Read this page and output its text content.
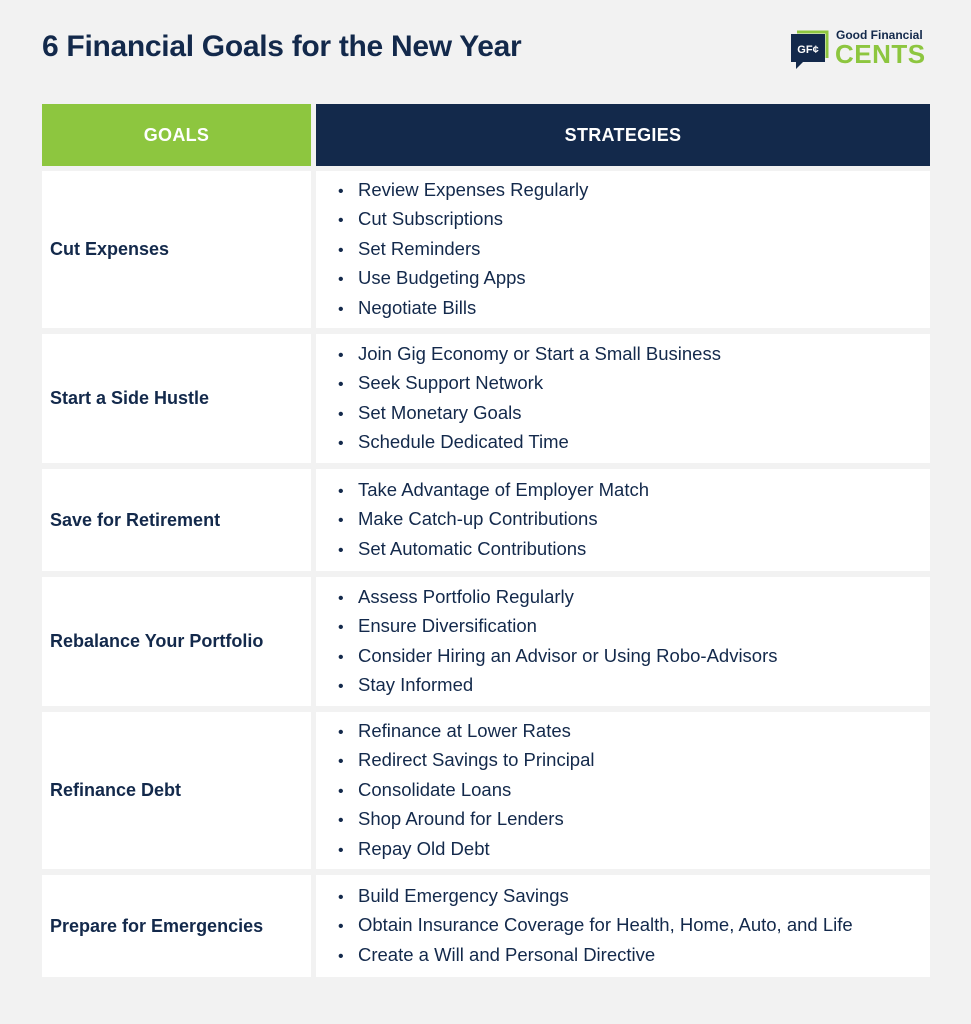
6 Financial Goals for the New Year	GF¢
Good Financial
CENTS
GOALS	STRATEGIES
Cut Expenses
• Review Expenses Regularly
• Cut Subscriptions
• Set Reminders
• Use Budgeting Apps
• Negotiate Bills
Start a Side Hustle
• Join Gig Economy or Start a Small Business
• Seek Support Network
• Set Monetary Goals
• Schedule Dedicated Time
Save for Retirement
• Take Advantage of Employer Match
• Make Catch-up Contributions
• Set Automatic Contributions
Rebalance Your Portfolio
• Assess Portfolio Regularly
• Ensure Diversification
• Consider Hiring an Advisor or Using Robo-Advisors
• Stay Informed
Refinance Debt
• Refinance at Lower Rates
• Redirect Savings to Principal
• Consolidate Loans
• Shop Around for Lenders
• Repay Old Debt
Prepare for Emergencies
• Build Emergency Savings
• Obtain Insurance Coverage for Health, Home, Auto, and Life
• Create a Will and Personal Directive
